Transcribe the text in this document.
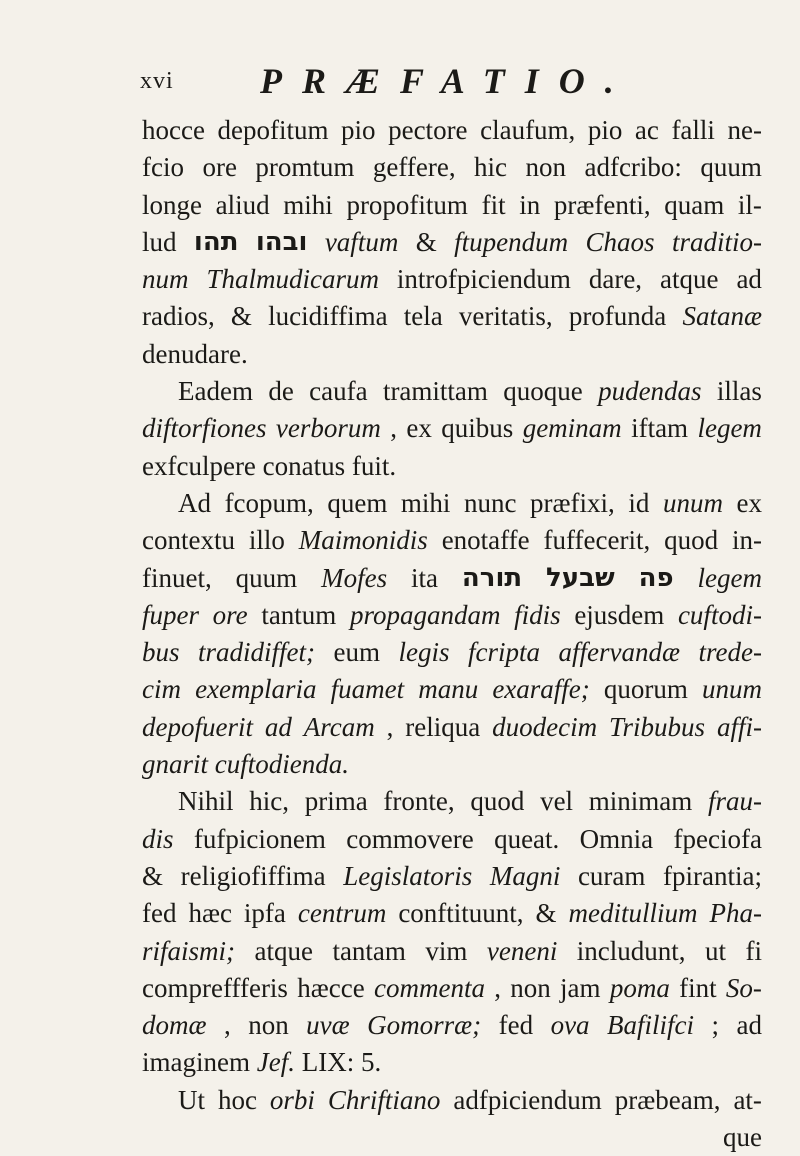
xvi PRÆFATIO.
hocce depofitum pio pectore claufum, pio ac falli ne-
fcio ore promtum geffere, hic non adfcribo: quum
longe aliud mihi propofitum fit in præfenti, quam il-
lud תהו ובהו vaftum & ftupendum Chaos traditio-
num Thalmudicarum introfpiciendum dare, atque ad
radios, & lucidiffima tela veritatis, profunda Satanæ
denudare.
Eadem de caufa tramittam quoque pudendas illas
diftorfiones verborum , ex quibus geminam iftam legem
exfculpere conatus fuit.
Ad fcopum, quem mihi nunc præfixi, id unum ex
contextu illo Maimonidis enotaffe fuffecerit, quod in-
finuet, quum Mofes ita תורה שבעל פה legem
fuper ore tantum propagandam fidis ejusdem cuftodi-
bus tradidiffet; eum legis fcripta affervandæ trede-
cim exemplaria fuamet manu exaraffe; quorum unum
depofuerit ad Arcam , reliqua duodecim Tribubus affi-
gnarit cuftodienda.
Nihil hic, prima fronte, quod vel minimam frau-
dis fufpicionem commovere queat. Omnia fpeciofa
& religiofiffima Legislatoris Magni curam fpirantia;
fed hæc ipfa centrum conftituunt, & meditullium Pha-
rifaismi; atque tantam vim veneni includunt, ut fi
compreffferis hæcce commenta , non jam poma fint So-
domæ , non uvæ Gomorræ; fed ova Bafilifci ; ad
imaginem Jef. LIX: 5.
Ut hoc orbi Chriftiano adfpiciendum præbeam, at-
que
